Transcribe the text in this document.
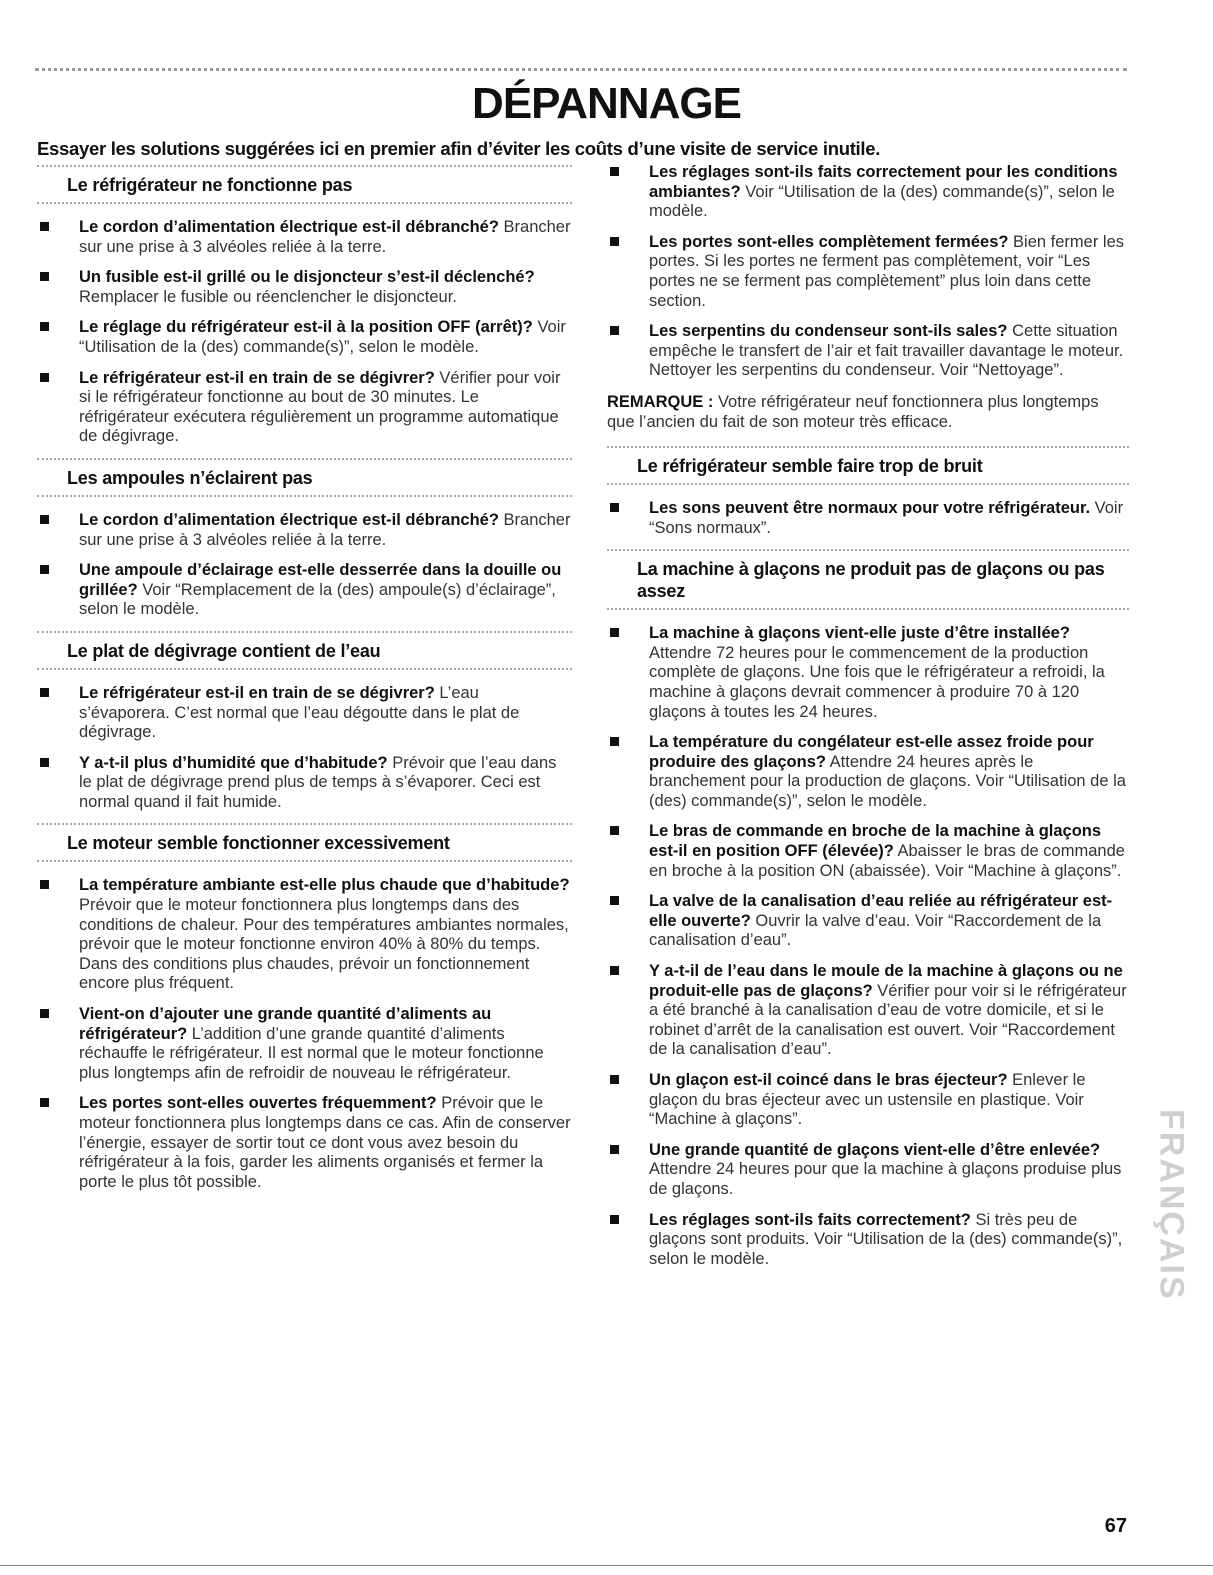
DÉPANNAGE
Essayer les solutions suggérées ici en premier afin d’éviter les coûts d’une visite de service inutile.
Le réfrigérateur ne fonctionne pas
Le cordon d’alimentation électrique est-il débranché? Brancher sur une prise à 3 alvéoles reliée à la terre.
Un fusible est-il grillé ou le disjoncteur s’est-il déclenché? Remplacer le fusible ou réenclencher le disjoncteur.
Le réglage du réfrigérateur est-il à la position OFF (arrêt)? Voir “Utilisation de la (des) commande(s)”, selon le modèle.
Le réfrigérateur est-il en train de se dégivrer? Vérifier pour voir si le réfrigérateur fonctionne au bout de 30 minutes. Le réfrigérateur exécutera régulièrement un programme automatique de dégivrage.
Les ampoules n’éclairent pas
Le cordon d’alimentation électrique est-il débranché? Brancher sur une prise à 3 alvéoles reliée à la terre.
Une ampoule d’éclairage est-elle desserrée dans la douille ou grillée? Voir “Remplacement de la (des) ampoule(s) d’éclairage”, selon le modèle.
Le plat de dégivrage contient de l’eau
Le réfrigérateur est-il en train de se dégivrer? L’eau s’évaporera. C’est normal que l’eau dégoutte dans le plat de dégivrage.
Y a-t-il plus d’humidité que d’habitude? Prévoir que l’eau dans le plat de dégivrage prend plus de temps à s’évaporer. Ceci est normal quand il fait humide.
Le moteur semble fonctionner excessivement
La température ambiante est-elle plus chaude que d’habitude? Prévoir que le moteur fonctionnera plus longtemps dans des conditions de chaleur. Pour des températures ambiantes normales, prévoir que le moteur fonctionne environ 40% à 80% du temps. Dans des conditions plus chaudes, prévoir un fonctionnement encore plus fréquent.
Vient-on d’ajouter une grande quantité d’aliments au réfrigérateur? L’addition d’une grande quantité d’aliments réchauffe le réfrigérateur. Il est normal que le moteur fonctionne plus longtemps afin de refroidir de nouveau le réfrigérateur.
Les portes sont-elles ouvertes fréquemment? Prévoir que le moteur fonctionnera plus longtemps dans ce cas. Afin de conserver l’énergie, essayer de sortir tout ce dont vous avez besoin du réfrigérateur à la fois, garder les aliments organisés et fermer la porte le plus tôt possible.
Les réglages sont-ils faits correctement pour les conditions ambiantes? Voir “Utilisation de la (des) commande(s)”, selon le modèle.
Les portes sont-elles complètement fermées? Bien fermer les portes. Si les portes ne ferment pas complètement, voir “Les portes ne se ferment pas complètement” plus loin dans cette section.
Les serpentins du condenseur sont-ils sales? Cette situation empêche le transfert de l’air et fait travailler davantage le moteur. Nettoyer les serpentins du condenseur. Voir “Nettoyage”.
REMARQUE : Votre réfrigérateur neuf fonctionnera plus longtemps que l’ancien du fait de son moteur très efficace.
Le réfrigérateur semble faire trop de bruit
Les sons peuvent être normaux pour votre réfrigérateur. Voir “Sons normaux”.
La machine à glaçons ne produit pas de glaçons ou pas assez
La machine à glaçons vient-elle juste d’être installée? Attendre 72 heures pour le commencement de la production complète de glaçons. Une fois que le réfrigérateur a refroidi, la machine à glaçons devrait commencer à produire 70 à 120 glaçons à toutes les 24 heures.
La température du congélateur est-elle assez froide pour produire des glaçons? Attendre 24 heures après le branchement pour la production de glaçons. Voir “Utilisation de la (des) commande(s)”, selon le modèle.
Le bras de commande en broche de la machine à glaçons est-il en position OFF (élevée)? Abaisser le bras de commande en broche à la position ON (abaissée). Voir “Machine à glaçons”.
La valve de la canalisation d’eau reliée au réfrigérateur est-elle ouverte? Ouvrir la valve d’eau. Voir “Raccordement de la canalisation d’eau”.
Y a-t-il de l’eau dans le moule de la machine à glaçons ou ne produit-elle pas de glaçons? Vérifier pour voir si le réfrigérateur a été branché à la canalisation d’eau de votre domicile, et si le robinet d’arrêt de la canalisation est ouvert. Voir “Raccordement de la canalisation d’eau”.
Un glaçon est-il coincé dans le bras éjecteur? Enlever le glaçon du bras éjecteur avec un ustensile en plastique. Voir “Machine à glaçons”.
Une grande quantité de glaçons vient-elle d’être enlevée? Attendre 24 heures pour que la machine à glaçons produise plus de glaçons.
Les réglages sont-ils faits correctement? Si très peu de glaçons sont produits. Voir “Utilisation de la (des) commande(s)”, selon le modèle.	FRANÇAIS
67
